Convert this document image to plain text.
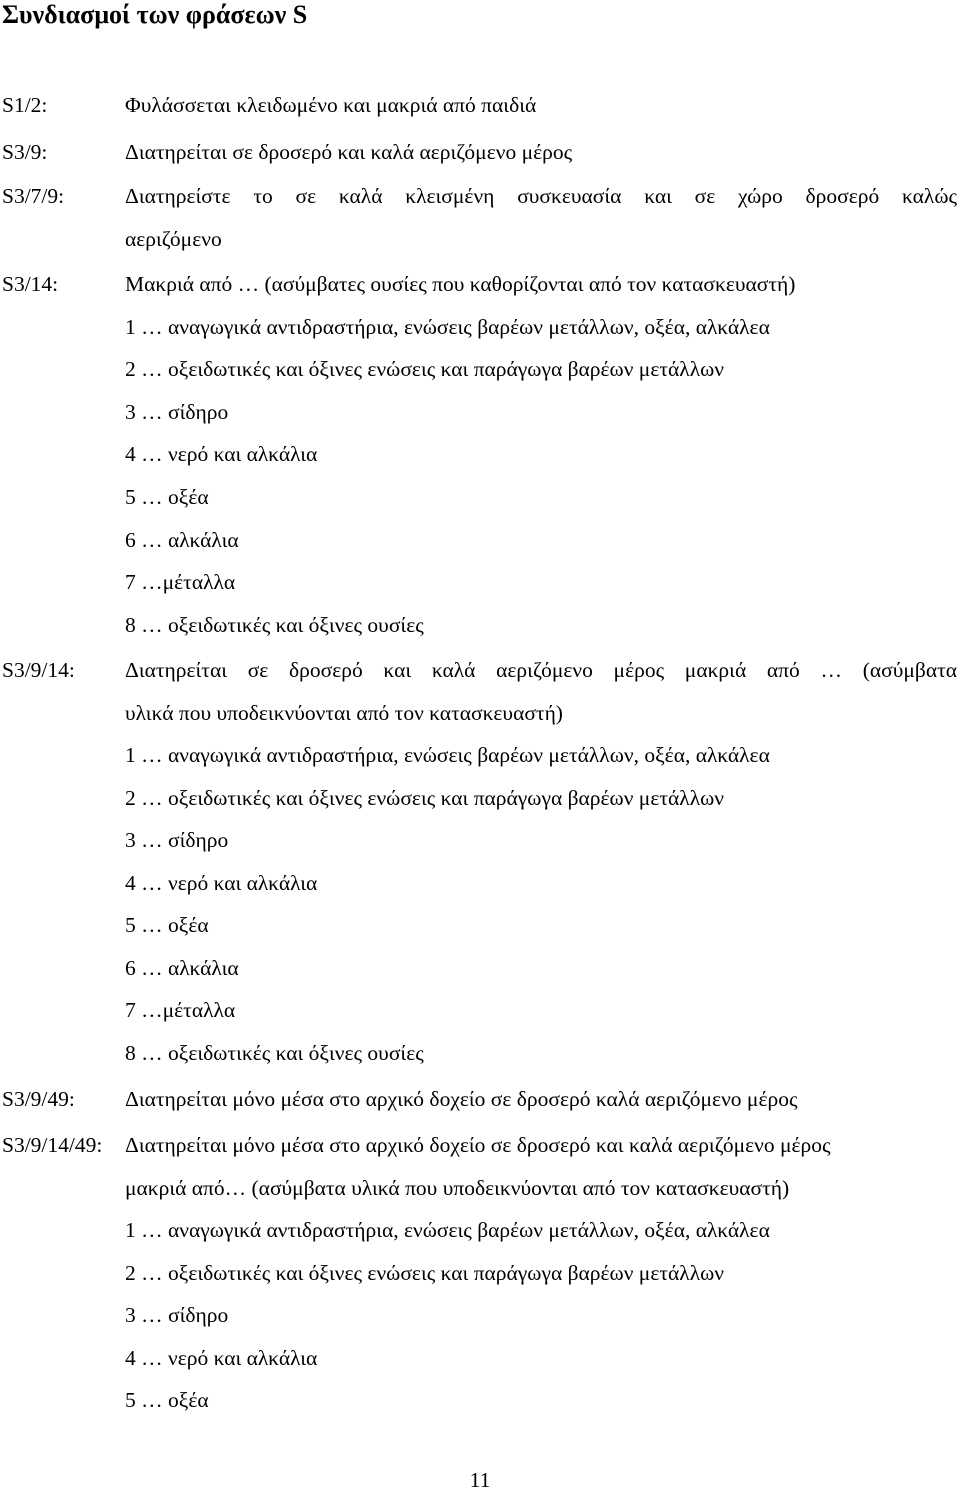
Συνδιασμοί των φράσεων S
S1/2:	Φυλάσσεται κλειδωμένο και μακριά από παιδιά
S3/9:	Διατηρείται σε δροσερό και καλά αεριζόμενο μέρος
S3/7/9:	Διατηρείστε το σε καλά κλεισμένη συσκευασία και σε χώρο δροσερό καλώς
αεριζόμενο
S3/14:	Μακριά από … (ασύμβατες ουσίες που καθορίζονται από τον κατασκευαστή)
1 … αναγωγικά αντιδραστήρια, ενώσεις βαρέων μετάλλων, οξέα, αλκάλεα
2 … οξειδωτικές και όξινες ενώσεις και παράγωγα βαρέων μετάλλων
3 … σίδηρο
4 … νερό και αλκάλια
5 … οξέα
6 … αλκάλια
7 …μέταλλα
8 … οξειδωτικές και όξινες ουσίες
S3/9/14: Διατηρείται σε δροσερό και καλά αεριζόμενο μέρος μακριά από … (ασύμβατα
υλικά που υποδεικνύονται από τον κατασκευαστή)
1 … αναγωγικά αντιδραστήρια, ενώσεις βαρέων μετάλλων, οξέα, αλκάλεα
2 … οξειδωτικές και όξινες ενώσεις και παράγωγα βαρέων μετάλλων
3 … σίδηρο
4 … νερό και αλκάλια
5 … οξέα
6 … αλκάλια
7 …μέταλλα
8 … οξειδωτικές και όξινες ουσίες
S3/9/49: Διατηρείται μόνο μέσα στο αρχικό δοχείο σε δροσερό καλά αεριζόμενο μέρος
S3/9/14/49: Διατηρείται μόνο μέσα στο αρχικό δοχείο σε δροσερό και καλά αεριζόμενο μέρος
μακριά από… (ασύμβατα υλικά που υποδεικνύονται από τον κατασκευαστή)
1 … αναγωγικά αντιδραστήρια, ενώσεις βαρέων μετάλλων, οξέα, αλκάλεα
2 … οξειδωτικές και όξινες ενώσεις και παράγωγα βαρέων μετάλλων
3 … σίδηρο
4 … νερό και αλκάλια
5 … οξέα
11
